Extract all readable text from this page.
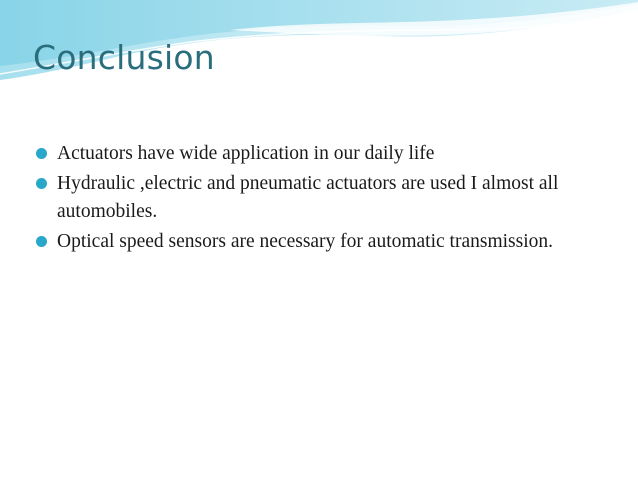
Conclusion
Actuators have wide application in our daily life
Hydraulic ,electric and pneumatic actuators are used I almost all automobiles.
Optical speed sensors are necessary for automatic transmission.
